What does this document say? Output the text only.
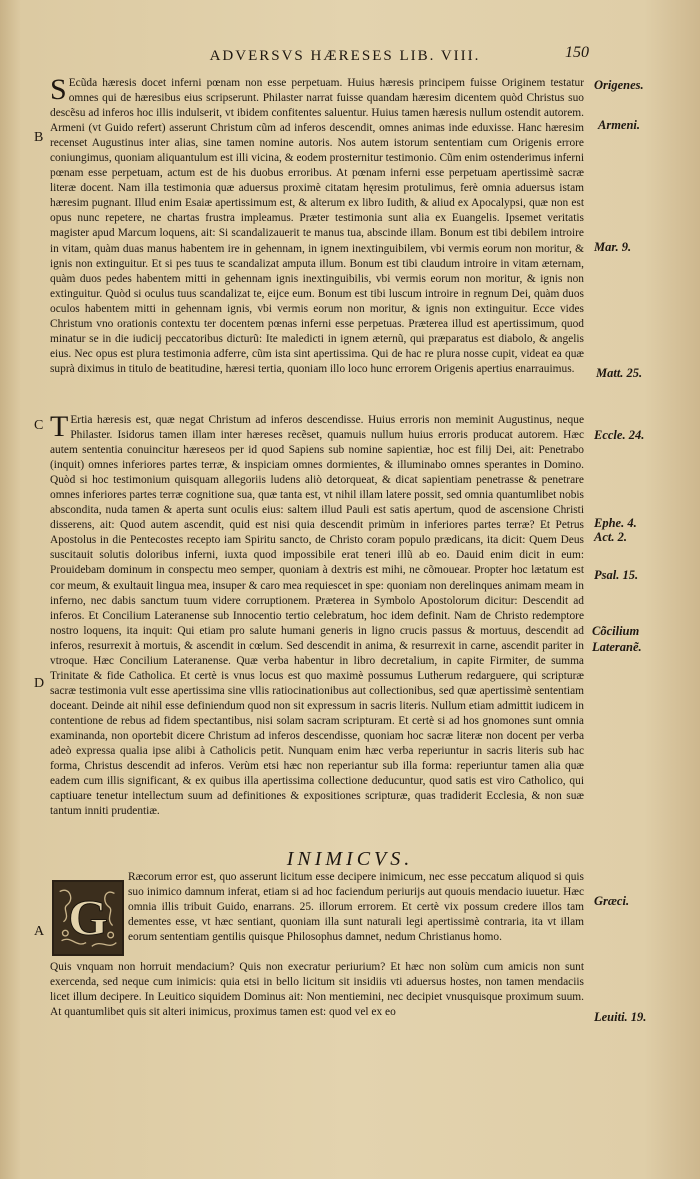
ADVERSVS HÆRESES LIB. VIII.	150
B
C
D
A
Origenes.
Armeni.
Mar. 9.
Matt. 25.
Eccle. 24.
Ephe. 4.
Act. 2.
Psal. 15.
Cõcilium
Lateranẽ.
Græci.
Leuiti. 19.

S Ecũda hæresis docet inferni pœnam non esse perpetuam. Huius hæresis principem fuisse Originem testatur omnes qui de hæresibus eius scripserunt. Philaster narrat fuisse quandam hæresim dicentem quòd Christus suo descẽsu ad inferos hoc illis indulserit, vt ibidem confitentes saluentur. Huius tamen hæresis nullum ostendit autorem. Armeni (vt Guido refert) asserunt Christum cũm ad inferos descendit, omnes animas inde eduxisse. Hanc hæresim recenset Augustinus inter alias, sine tamen nomine autoris. Nos autem istorum sententiam cum Origenis errore coniungimus, quoniam aliquantulum est illi vicina, & eodem prosternitur testimonio. Cũm enim ostenderimus inferni pœnam esse perpetuam, actum est de his duobus erroribus. At pœnam inferni esse perpetuam apertissimè sacræ literæ docent. Nam illa testimonia quæ aduersus proximè citatam hęresim protulimus, ferè omnia aduersus istam hæresim pugnant. Illud enim Esaiæ apertissimum est, & alterum ex libro Iudith, & aliud ex Apocalypsi, quæ non est opus nunc repetere, ne chartas frustra impleamus. Præter testimonia sunt alia ex Euangelis. Ipsemet veritatis magister apud Marcum loquens, ait: Si scandalizauerit te manus tua, abscinde illam. Bonum est tibi debilem introire in vitam, quàm duas manus habentem ire in gehennam, in ignem inextinguibilem, vbi vermis eorum non moritur, & ignis non extinguitur. Et si pes tuus te scandalizat amputa illum. Bonum est tibi claudum introire in vitam æternam, quàm duos pedes habentem mitti in gehennam ignis inextinguibilis, vbi vermis eorum non moritur, & ignis non extinguitur. Quòd si oculus tuus scandalizat te, eijce eum. Bonum est tibi luscum introire in regnum Dei, quàm duos oculos habentem mitti in gehennam ignis, vbi vermis eorum non moritur, & ignis non extinguitur. Ecce vides Christum vno orationis contextu ter docentem pœnas inferni esse perpetuas. Præterea illud est apertissimum, quod minatur se in die iudicij peccatoribus dicturũ: Ite maledicti in ignem æternũ, qui præparatus est diabolo, & angelis eius. Nec opus est plura testimonia adferre, cũm ista sint apertissima. Qui de hac re plura nosse cupit, videat ea quæ suprà diximus in titulo de beatitudine, hæresi tertia, quoniam illo loco hunc errorem Origenis apertius enarrauimus.

T Ertia hæresis est, quæ negat Christum ad inferos descendisse. Huius erroris non meminit Augustinus, neque Philaster. Isidorus tamen illam inter hæreses recẽset, quamuis nullum huius erroris producat autorem. Hæc autem sententia conuincitur hæreseos per id quod Sapiens sub nomine sapientiæ, hoc est filij Dei, ait: Penetrabo (inquit) omnes inferiores partes terræ, & inspiciam omnes dormientes, & illuminabo omnes sperantes in Domino. Quòd si hoc testimonium quisquam allegoriis ludens aliò detorqueat, & dicat sapientiam penetrasse & penetrare omnes inferiores partes terræ cognitione sua, quæ tanta est, vt nihil illam latere possit, sed omnia quantumlibet nobis abscondita, nuda tamen & aperta sunt oculis eius: saltem illud Pauli est satis apertum, quod de ascensione Christi disserens, ait: Quod autem ascendit, quid est nisi quia descendit primùm in inferiores partes terræ? Et Petrus Apostolus in die Pentecostes recepto iam Spiritu sancto, de Christo coram populo prædicans, ita dicit: Quem Deus suscitauit solutis doloribus inferni, iuxta quod impossibile erat teneri illũ ab eo. Dauid enim dicit in eum: Prouidebam dominum in conspectu meo semper, quoniam à dextris est mihi, ne cõmouear. Propter hoc lætatum est cor meum, & exultauit lingua mea, insuper & caro mea requiescet in spe: quoniam non derelinques animam meam in inferno, nec dabis sanctum tuum videre corruptionem. Præterea in Symbolo Apostolorum dicitur: Descendit ad inferos. Et Concilium Lateranense sub Innocentio tertio celebratum, hoc idem definit. Nam de Christo redemptore nostro loquens, ita inquit: Qui etiam pro salute humani generis in ligno crucis passus & mortuus, descendit ad inferos, resurrexit à mortuis, & ascendit in cœlum. Sed descendit in anima, & resurrexit in carne, ascendit pariter in vtroque. Hæc Concilium Lateranense. Quæ verba habentur in libro decretalium, in capite Firmiter, de summa Trinitate & fide Catholica. Et certè is vnus locus est quo maximè possumus Lutherum redarguere, qui scripturæ sacræ testimonia vult esse apertissima sine vllis ratiocinationibus aut collectionibus, sed quæ apertissimè sententiam doceant. Deinde ait nihil esse definiendum quod non sit expressum in sacris literis. Nullum etiam admittit iudicem in contentione de rebus ad fidem spectantibus, nisi solam sacram scripturam. Et certè si ad hos gnomones sunt omnia examinanda, non oportebit dicere Christum ad inferos descendisse, quoniam hoc sacræ literæ non docent per verba adeò expressa qualia ipse alibi à Catholicis petit. Nunquam enim hæc verba reperiuntur in sacris literis sub hac forma, Christus descendit ad inferos. Verùm etsi hæc non reperiantur sub illa forma: reperiuntur tamen alia quæ eadem cum illis significant, & ex quibus illa apertissima collectione deducuntur, quod satis est viro Catholico, qui captiuare tenetur intellectum suum ad definitiones & expositiones scripturæ, quas tradiderit Ecclesia, & non suæ tantum inniti prudentiæ.

INIMICVS.
G

Ræcorum error est, quo asserunt licitum esse decipere inimicum, nec esse peccatum aliquod si quis suo inimico damnum inferat, etiam si ad hoc faciendum periurijs aut quouis mendacio iuuetur. Hæc omnia illis tribuit Guido, enarrans. 25. illorum errorem. Et certè vix possum credere illos tam dementes esse, vt hæc sentiant, quoniam illa sunt naturali legi apertissimè contraria, ita vt illam eorum sententiam gentilis quisque Philosophus damnet, nedum Christianus homo.

Quis vnquam non horruit mendacium? Quis non execratur periurium? Et hæc non solùm cum amicis non sunt exercenda, sed neque cum inimicis: quia etsi in bello licitum sit insidiis vti aduersus hostes, non tamen mendaciis licet illum decipere. In Leuitico siquidem Dominus ait: Non mentiemini, nec decipiet vnusquisque proximum suum. At quantumlibet quis sit alteri inimicus, proximus tamen est: quod vel ex eo
